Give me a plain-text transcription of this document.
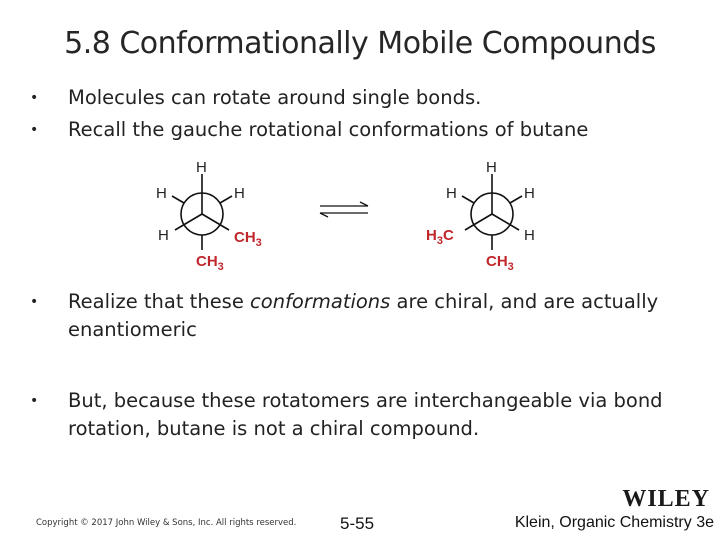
5.8 Conformationally Mobile Compounds
• Molecules can rotate around single bonds.
• Recall the gauche rotational conformations of butane
H
H	H
H	$CH_3$
$CH_3$
H
H	H
$H_3C$	H
$CH_3$
• Realize that these conformations are chiral, and are actually enantiomeric
• But, because these rotatomers are interchangeable via bond rotation, butane is not a chiral compound.
WILEY
Copyright © 2017 John Wiley & Sons, Inc. All rights reserved.	5-55	Klein, Organic Chemistry 3e
